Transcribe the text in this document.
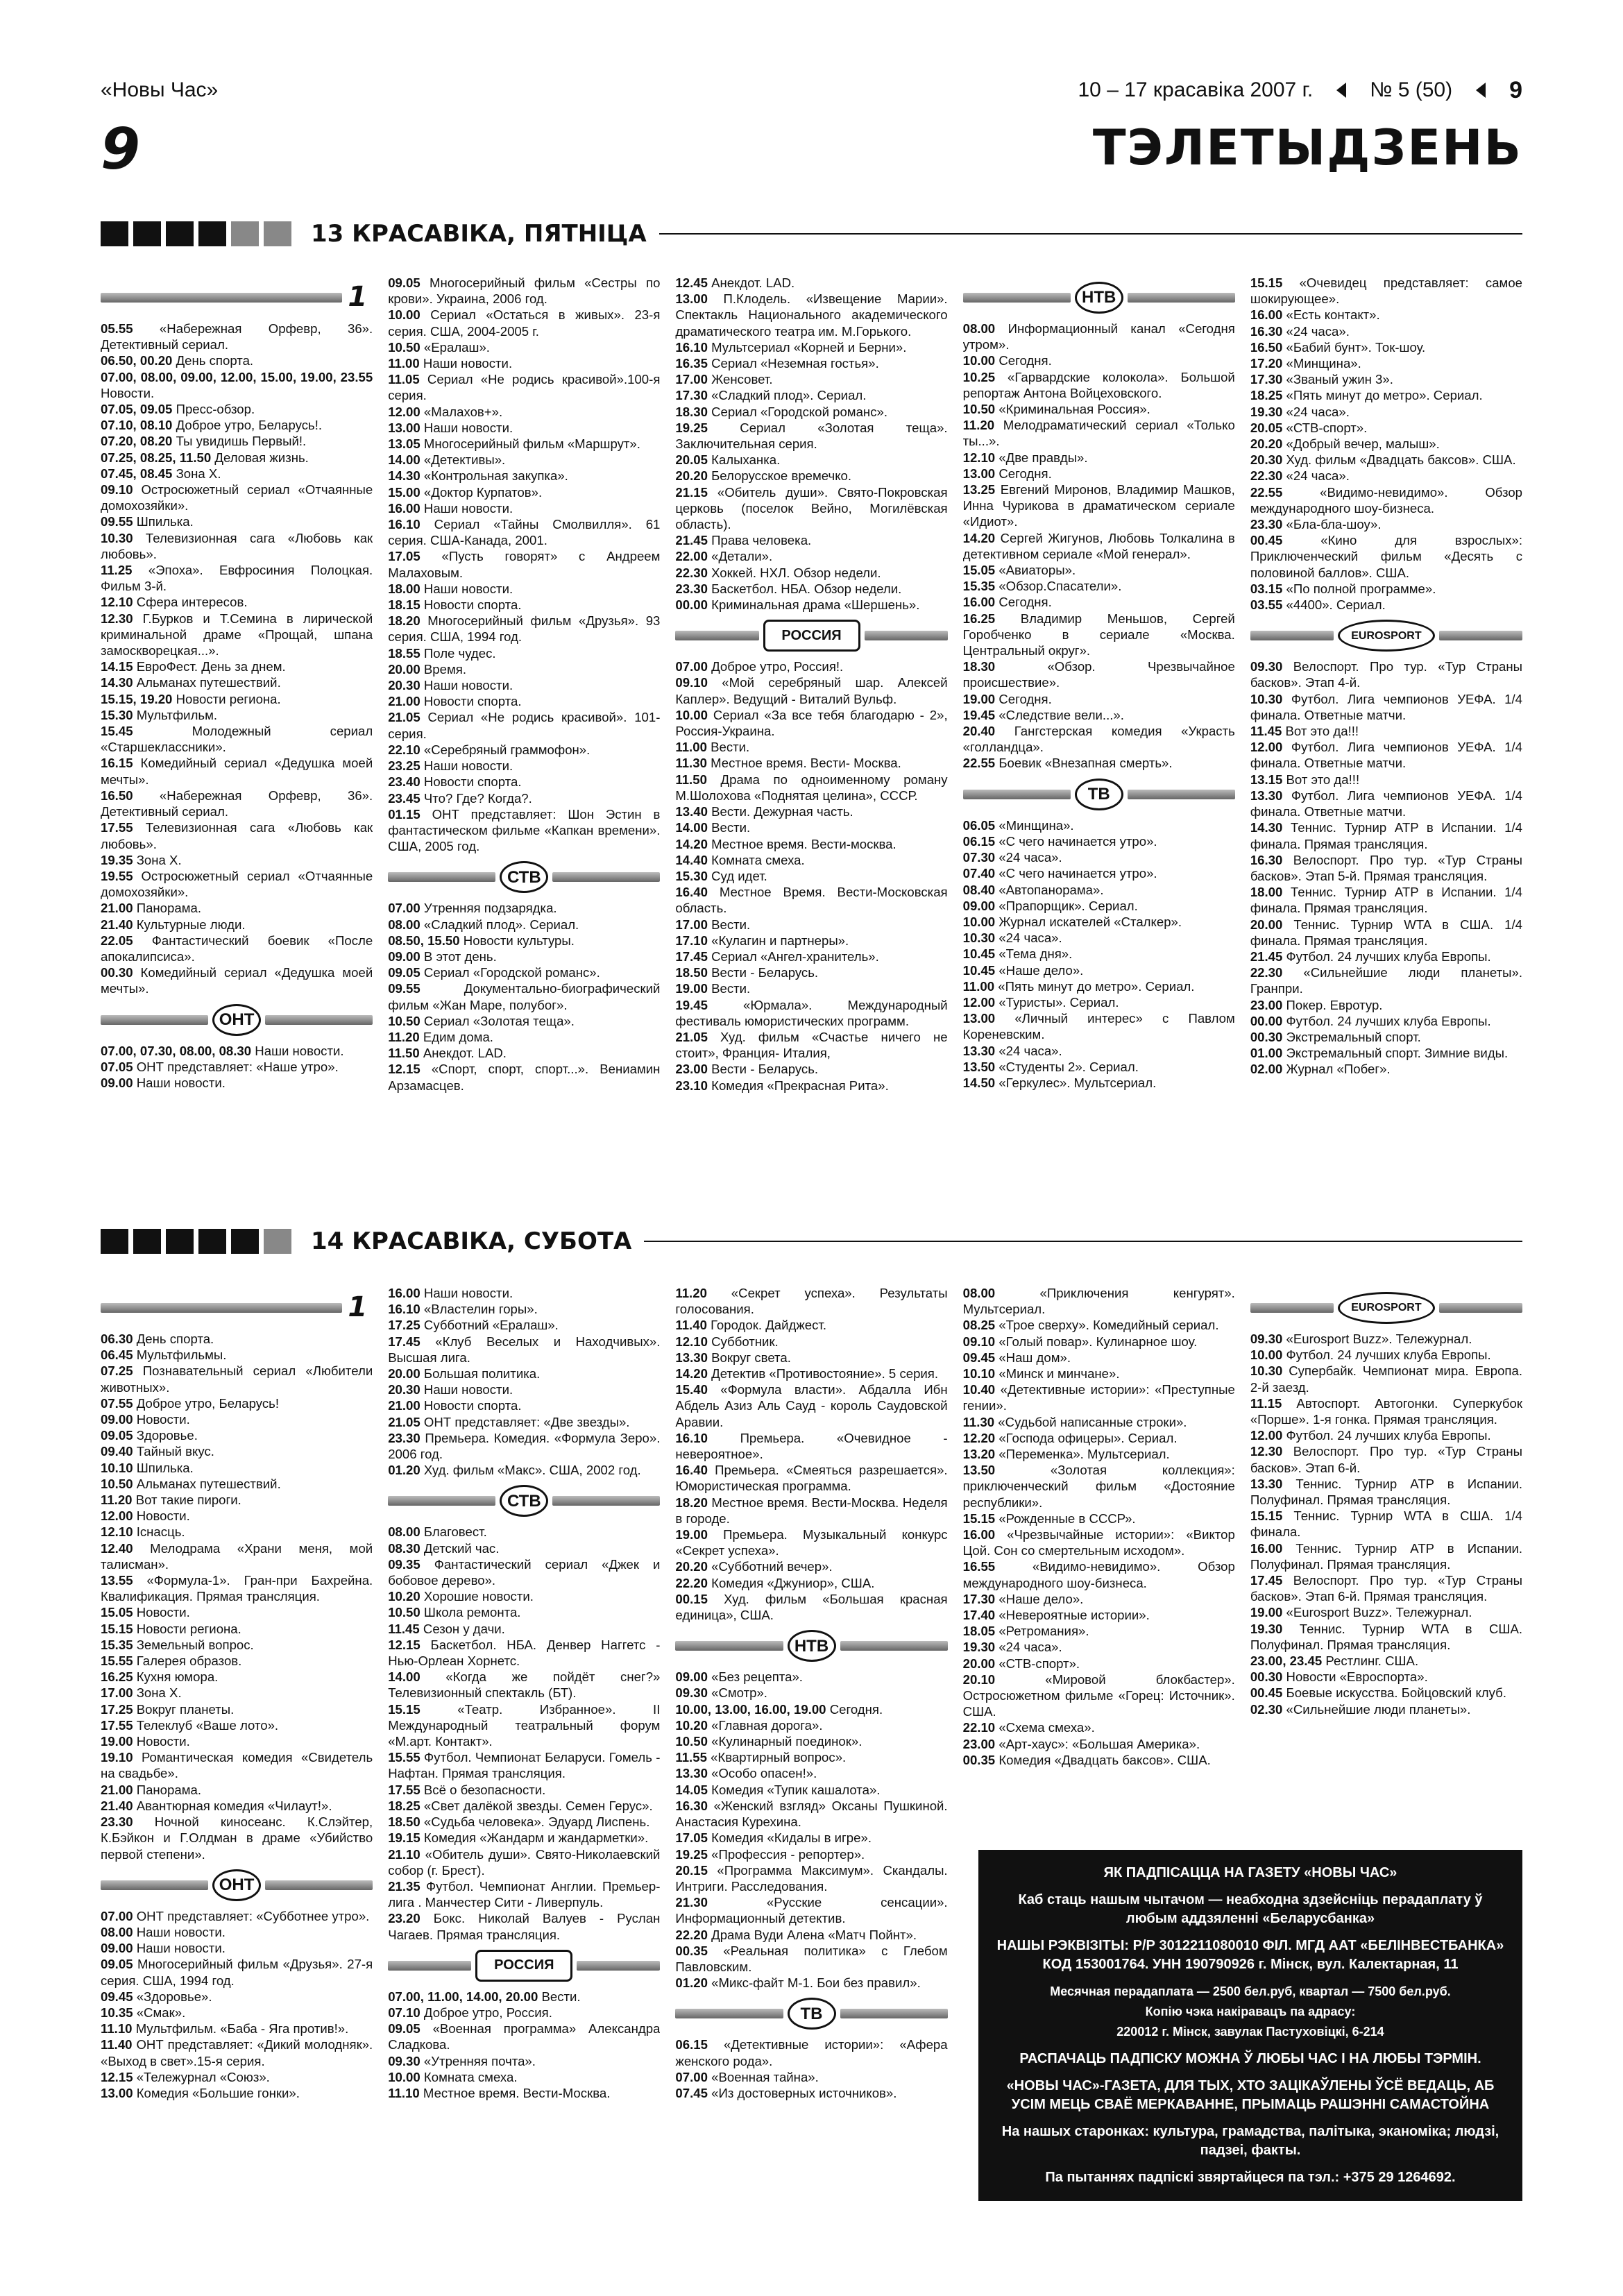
«Новы Час»	10 – 17 красавіка 2007 г.	№ 5 (50) 9
9	ТЭЛЕТЫДЗЕНЬ
13 КРАСАВІКА, ПЯТНІЦА
1
05.55 «Набережная Орфевр, 36». Детективный сериал.
06.50, 00.20 День спорта.
07.00, 08.00, 09.00, 12.00, 15.00, 19.00, 23.55 Новости.
07.05, 09.05 Пресс-обзор.
07.10, 08.10 Доброе утро, Беларусь!.
07.20, 08.20 Ты увидишь Первый!.
07.25, 08.25, 11.50 Деловая жизнь.
07.45, 08.45 Зона Х.
09.10 Остросюжетный сериал «Отчаянные домохозяйки».
09.55 Шпилька.
10.30 Телевизионная сага «Любовь как любовь».
11.25 «Эпоха». Евфросиния Полоцкая. Фильм 3-й.
12.10 Сфера интересов.
12.30 Г.Бурков и Т.Семина в лирической криминальной драме «Прощай, шпана замоскворецкая...».
14.15 ЕвроФест. День за днем.
14.30 Альманах путешествий.
15.15, 19.20 Новости региона.
15.30 Мультфильм.
15.45	Молодежный сериал «Старшеклассники».
16.15 Комедийный сериал «Дедушка моей мечты».
16.50 «Набережная Орфевр, 36». Детективный сериал.
17.55 Телевизионная сага «Любовь как любовь».
19.35 Зона Х.
19.55 Остросюжетный сериал «Отчаянные домохозяйки».
21.00 Панорама.
21.40 Культурные люди.
22.05 Фантастический боевик «После апокалипсиса».
00.30 Комедийный сериал «Дедушка моей мечты».
ОНТ
07.00, 07.30, 08.00, 08.30 Наши новости.
07.05 ОНТ представляет: «Наше утро».
09.00 Наши новости.
09.05 Многосерийный фильм «Сестры по крови». Украина, 2006 год.
10.00 Сериал «Остаться в живых». 23-я серия. США, 2004-2005 г.
10.50 «Ералаш».
11.00 Наши новости.
11.05 Сериал «Не родись красивой».100-я серия.
12.00 «Малахов+».
13.00 Наши новости.
13.05 Многосерийный фильм «Маршрут».
14.00 «Детективы».
14.30 «Контрольная закупка».
15.00 «Доктор Курпатов».
16.00 Наши новости.
16.10 Сериал «Тайны Смолвилля». 61 серия. США-Канада, 2001.
17.05 «Пусть говорят» с Андреем Малаховым.
18.00 Наши новости.
18.15 Новости спорта.
18.20 Многосерийный фильм «Друзья». 93 серия. США, 1994 год.
18.55 Поле чудес.
20.00 Время.
20.30 Наши новости.
21.00 Новости спорта.
21.05 Сериал «Не родись красивой». 101-серия.
22.10 «Серебряный граммофон».
23.25 Наши новости.
23.40 Новости спорта.
23.45 Что? Где? Когда?.
01.15 ОНТ представляет: Шон Эстин в фантастическом фильме «Капкан времени». США, 2005 год.
СТВ
07.00 Утренняя подзарядка.
08.00 «Сладкий плод». Сериал.
08.50, 15.50 Новости культуры.
09.00 В этот день.
09.05 Сериал «Городской романс».
09.55	Документально-биографический фильм «Жан Маре, полубог».
10.50 Сериал «Золотая теща».
11.20 Едим дома.
11.50 Анекдот. LAD.
12.15 «Спорт, спорт, спорт...». Вениамин Арзамасцев.
12.45 Анекдот. LAD.
13.00 П.Клодель. «Извещение Марии». Спектакль Национального академического драматического театра им. М.Горького.
16.10 Мультсериал «Корней и Берни».
16.35 Сериал «Неземная гостья».
17.00 Женсовет.
17.30 «Сладкий плод». Сериал.
18.30 Сериал «Городской романс».
19.25 Сериал «Золотая теща». Заключительная серия.
20.05 Калыханка.
20.20 Белорусское времечко.
21.15 «Обитель души». Свято-Покровская церковь (поселок Вейно, Могилёвская область).
21.45 Права человека.
22.00 «Детали».
22.30 Хоккей. НХЛ. Обзор недели.
23.30 Баскетбол. НБА. Обзор недели.
00.00 Криминальная драма «Шершень».
РОССИЯ
07.00 Доброе утро, Россия!.
09.10 «Мой серебряный шар. Алексей Каплер». Ведущий - Виталий Вульф.
10.00 Сериал «За все тебя благодарю - 2», Россия-Украина.
11.00 Вести.
11.30 Местное время. Вести- Москва.
11.50 Драма по одноименному роману М.Шолохова «Поднятая целина», СССР.
13.40 Вести. Дежурная часть.
14.00 Вести.
14.20 Местное время. Вести-москва.
14.40 Комната смеха.
15.30 Суд идет.
16.40 Местное Время. Вести-Московская область.
17.00 Вести.
17.10 «Кулагин и партнеры».
17.45 Сериал «Ангел-хранитель».
18.50 Вести - Беларусь.
19.00 Вести.
19.45	«Юрмала». Международный фестиваль юмористических программ.
21.05 Худ. фильм «Счастье ничего не стоит», Франция- Италия,
23.00 Вести - Беларусь.
23.10 Комедия «Прекрасная Рита».
НТВ
08.00 Информационный канал «Сегодня утром».
10.00 Сегодня.
10.25 «Гарвардские колокола». Большой репортаж Антона Войцеховского.
10.50 «Криминальная Россия».
11.20 Мелодраматический сериал «Только ты...».
12.10 «Две правды».
13.00 Сегодня.
13.25 Евгений Миронов, Владимир Машков, Инна Чурикова в драматическом сериале «Идиот».
14.20 Сергей Жигунов, Любовь Толкалина в детективном сериале «Мой генерал».
15.05 «Авиаторы».
15.35 «Обзор.Спасатели».
16.00 Сегодня.
16.25 Владимир Меньшов, Сергей Горобченко в сериале «Москва. Центральный округ».
18.30	«Обзор. Чрезвычайное происшествие».
19.00 Сегодня.
19.45 «Следствие вели...».
20.40 Гангстерская комедия «Украсть «голландца».
22.55 Боевик «Внезапная смерть».
ТВ
06.05 «Минщина».
06.15 «С чего начинается утро».
07.30 «24 часа».
07.40 «С чего начинается утро».
08.40 «Автопанорама».
09.00 «Прапорщик». Сериал.
10.00 Журнал искателей «Сталкер».
10.30 «24 часа».
10.45 «Тема дня».
10.45 «Наше дело».
11.00 «Пять минут до метро». Сериал.
12.00 «Туристы». Сериал.
13.00 «Личный интерес» с Павлом Кореневским.
13.30 «24 часа».
13.50 «Студенты 2». Сериал.
14.50 «Геркулес». Мультсериал.
15.15 «Очевидец представляет: самое шокирующее».
16.00 «Есть контакт».
16.30 «24 часа».
16.50 «Бабий бунт». Ток-шоу.
17.20 «Минщина».
17.30 «Званый ужин 3».
18.25 «Пять минут до метро». Сериал.
19.30 «24 часа».
20.05 «СТВ-спорт».
20.20 «Добрый вечер, малыш».
20.30 Худ. фильм «Двадцать баксов». США.
22.30 «24 часа».
22.55	«Видимо-невидимо». Обзор международного шоу-бизнеса.
23.30 «Бла-бла-шоу».
00.45	«Кино для взрослых»: Приключенческий фильм «Десять с половиной баллов». США.
03.15 «По полной программе».
03.55 «4400». Сериал.
EUROSPORT
09.30 Велоспорт. Про тур. «Тур Страны басков». Этап 4-й.
10.30 Футбол. Лига чемпионов УЕФА. 1/4 финала. Ответные матчи.
11.45 Вот это да!!!
12.00 Футбол. Лига чемпионов УЕФА. 1/4 финала. Ответные матчи.
13.15 Вот это да!!!
13.30 Футбол. Лига чемпионов УЕФА. 1/4 финала. Ответные матчи.
14.30 Теннис. Турнир ATP в Испании. 1/4 финала. Прямая трансляция.
16.30 Велоспорт. Про тур. «Тур Страны басков». Этап 5-й. Прямая трансляция.
18.00 Теннис. Турнир ATP в Испании. 1/4 финала. Прямая трансляция.
20.00 Теннис. Турнир WTA в США. 1/4 финала. Прямая трансляция.
21.45 Футбол. 24 лучших клуба Европы.
22.30 «Сильнейшие люди планеты». Гранпри.
23.00 Покер. Евротур.
00.00 Футбол. 24 лучших клуба Европы.
00.30 Экстремальный спорт.
01.00 Экстремальный спорт. Зимние виды.
02.00 Журнал «Побег».
14 КРАСАВІКА, СУБОТА
1
06.30 День спорта.
06.45 Мультфильмы.
07.25 Познавательный сериал «Любители животных».
07.55 Доброе утро, Беларусь!
09.00 Новости.
09.05 Здоровье.
09.40 Тайный вкус.
10.10 Шпилька.
10.50 Альманах путешествий.
11.20 Вот такие пироги.
12.00 Новости.
12.10 Існасць.
12.40 Мелодрама «Храни меня, мой талисман».
13.55 «Формула-1». Гран-при Бахрейна. Квалификация. Прямая трансляция.
15.05 Новости.
15.15 Новости региона.
15.35 Земельный вопрос.
15.55 Галерея образов.
16.25 Кухня юмора.
17.00 Зона Х.
17.25 Вокруг планеты.
17.55 Телеклуб «Ваше лото».
19.00 Новости.
19.10 Романтическая комедия «Свидетель на свадьбе».
21.00 Панорама.
21.40 Авантюрная комедия «Чилаут!».
23.30 Ночной киносеанс. К.Слэйтер, К.Бэйкон и Г.Олдман в драме «Убийство первой степени».
ОНТ
07.00 ОНТ представляет: «Субботнее утро».
08.00 Наши новости.
09.00 Наши новости.
09.05 Многосерийный фильм «Друзья». 27-я серия. США, 1994 год.
09.45 «Здоровье».
10.35 «Смак».
11.10 Мультфильм. «Баба - Яга против!».
11.40 ОНТ представляет: «Дикий молодняк». «Выход в свет».15-я серия.
12.15 «Тележурнал «Союз».
13.00 Комедия «Большие гонки».
16.00 Наши новости.
16.10 «Властелин горы».
17.25 Субботний «Ералаш».
17.45 «Клуб Веселых и Находчивых». Высшая лига.
20.00 Большая политика.
20.30 Наши новости.
21.00 Новости спорта.
21.05 ОНТ представляет: «Две звезды».
23.30 Премьера. Комедия. «Формула Зеро». 2006 год.
01.20 Худ. фильм «Макс». США, 2002 год.
СТВ
08.00 Благовест.
08.30 Детский час.
09.35 Фантастический сериал «Джек и бобовое дерево».
10.20 Хорошие новости.
10.50 Школа ремонта.
11.45 Сезон у дачи.
12.15 Баскетбол. НБА. Денвер Наггетс - Нью-Орлеан Хорнетс.
14.00 «Когда же пойдёт снег?» Телевизионный спектакль (БТ).
15.15	«Театр. Избранное». II Международный театральный форум «М.арт. Контакт».
15.55 Футбол. Чемпионат Беларуси. Гомель - Нафтан. Прямая трансляция.
17.55 Всё о безопасности.
18.25 «Свет далёкой звезды. Семен Герус».
18.50 «Судьба человека». Эдуард Лиспень.
19.15 Комедия «Жандарм и жандарметки».
21.10 «Обитель души». Свято-Николаевский собор (г. Брест).
21.35 Футбол. Чемпионат Англии. Премьер-лига . Манчестер Сити - Ливерпуль.
23.20 Бокс. Николай Валуев - Руслан Чагаев. Прямая трансляция.
РОССИЯ
07.00, 11.00, 14.00, 20.00 Вести.
07.10 Доброе утро, Россия.
09.05 «Военная программа» Александра Сладкова.
09.30 «Утренняя почта».
10.00 Комната смеха.
11.10 Местное время. Вести-Москва.
11.20 «Секрет успеха». Результаты голосования.
11.40 Городок. Дайджест.
12.10 Субботник.
13.30 Вокруг света.
14.20 Детектив «Противостояние». 5 серия.
15.40 «Формула власти». Абдалла Ибн Абдель Азиз Аль Сауд - король Саудовской Аравии.
16.10	Премьера. «Очевидное - невероятное».
16.40 Премьера. «Смеяться разрешается». Юмористическая программа.
18.20 Местное время. Вести-Москва. Неделя в городе.
19.00 Премьера. Музыкальный конкурс «Секрет успеха».
20.20 «Субботний вечер».
22.20 Комедия «Джуниор», США.
00.15 Худ. фильм «Большая красная единица», США.
НТВ
09.00 «Без рецепта».
09.30 «Смотр».
10.00, 13.00, 16.00, 19.00 Сегодня.
10.20 «Главная дорога».
10.50 «Кулинарный поединок».
11.55 «Квартирный вопрос».
13.30 «Особо опасен!».
14.05 Комедия «Тупик кашалота».
16.30 «Женский взгляд» Оксаны Пушкиной. Анастасия Курехина.
17.05 Комедия «Кидалы в игре».
19.25 «Профессия - репортер».
20.15 «Программа Максимум». Скандалы. Интриги. Расследования.
21.30	«Русские сенсации». Информационный детектив.
22.20 Драма Вуди Алена «Матч Пойнт».
00.35 «Реальная политика» с Глебом Павловским.
01.20 «Микс-файт М-1. Бои без правил».
ТВ
06.15 «Детективные истории»: «Афера женского рода».
07.00 «Военная тайна».
07.45 «Из достоверных источников».
08.00	«Приключения кенгурят». Мультсериал.
08.25 «Трое сверху». Комедийный сериал.
09.10 «Голый повар». Кулинарное шоу.
09.45 «Наш дом».
10.10 «Минск и минчане».
10.40 «Детективные истории»: «Преступные гении».
11.30 «Судьбой написанные строки».
12.20 «Господа офицеры». Сериал.
13.20 «Переменка». Мультсериал.
13.50	«Золотая коллекция»: приключенческий фильм «Достояние республики».
15.15 «Рожденные в СССР».
16.00 «Чрезвычайные истории»: «Виктор Цой. Сон со смертельным исходом».
16.55	«Видимо-невидимо». Обзор международного шоу-бизнеса.
17.30 «Наше дело».
17.40 «Невероятные истории».
18.05 «Ретромания».
19.30 «24 часа».
20.00 «СТВ-спорт».
20.10	«Мировой блокбастер». Остросюжетном фильме «Горец: Источник». США.
22.10 «Схема смеха».
23.00 «Арт-хаус»: «Большая Америка».
00.35 Комедия «Двадцать баксов». США.
EUROSPORT
09.30 «Eurosport Buzz». Тележурнал.
10.00 Футбол. 24 лучших клуба Европы.
10.30 Супербайк. Чемпионат мира. Европа. 2-й заезд.
11.15 Автоспорт. Автогонки. Суперкубок «Порше». 1-я гонка. Прямая трансляция.
12.00 Футбол. 24 лучших клуба Европы.
12.30 Велоспорт. Про тур. «Тур Страны басков». Этап 6-й.
13.30 Теннис. Турнир ATP в Испании. Полуфинал. Прямая трансляция.
15.15 Теннис. Турнир WTA в США. 1/4 финала.
16.00 Теннис. Турнир ATP в Испании. Полуфинал. Прямая трансляция.
17.45 Велоспорт. Про тур. «Тур Страны басков». Этап 6-й. Прямая трансляция.
19.00 «Eurosport Buzz». Тележурнал.
19.30 Теннис. Турнир WTA в США. Полуфинал. Прямая трансляция.
23.00, 23.45 Рестлинг. США.
00.30 Новости «Евроспорта».
00.45 Боевые искусства. Бойцовский клуб.
02.30 «Сильнейшие люди планеты».

ЯК ПАДПІСАЦЦА НА ГАЗЕТУ «НОВЫ ЧАС»

Каб стаць нашым чытачом — неабходна здзейсніць перадаплату ў любым аддзяленні «Беларусбанка»

НАШЫ РЭКВІЗІТЫ: Р/Р 3012211080010 ФІЛ. МГД ААТ «БЕЛІНВЕСТБАНКА» КОД 153001764. УНН 190790926 г. Мінск, вул. Калектарная, 11

Месячная перадаплата — 2500 бел.руб, квартал — 7500 бел.руб.

Копію чэка накіравацъ па адрасу:

220012 г. Мінск, завулак Пастуховіцкі, 6-214

РАСПАЧАЦЬ ПАДПІСКУ МОЖНА Ў ЛЮБЫ ЧАС І НА ЛЮБЫ ТЭРМІН.

«НОВЫ ЧАС»-ГАЗЕТА, ДЛЯ ТЫХ, ХТО ЗАЦІКАЎЛЕНЫ ЎСЁ ВЕДАЦЬ, АБ УСІМ МЕЦЬ СВАЁ МЕРКАВАННЕ, ПРЫМАЦЬ РАШЭННІ САМАСТОЙНА

На нашых старонках: культура, грамадства, палітыка, эканоміка; людзі, падзеі, факты.

Па пытаннях падпіскі звяртайцеся па тэл.: +375 29 1264692.
